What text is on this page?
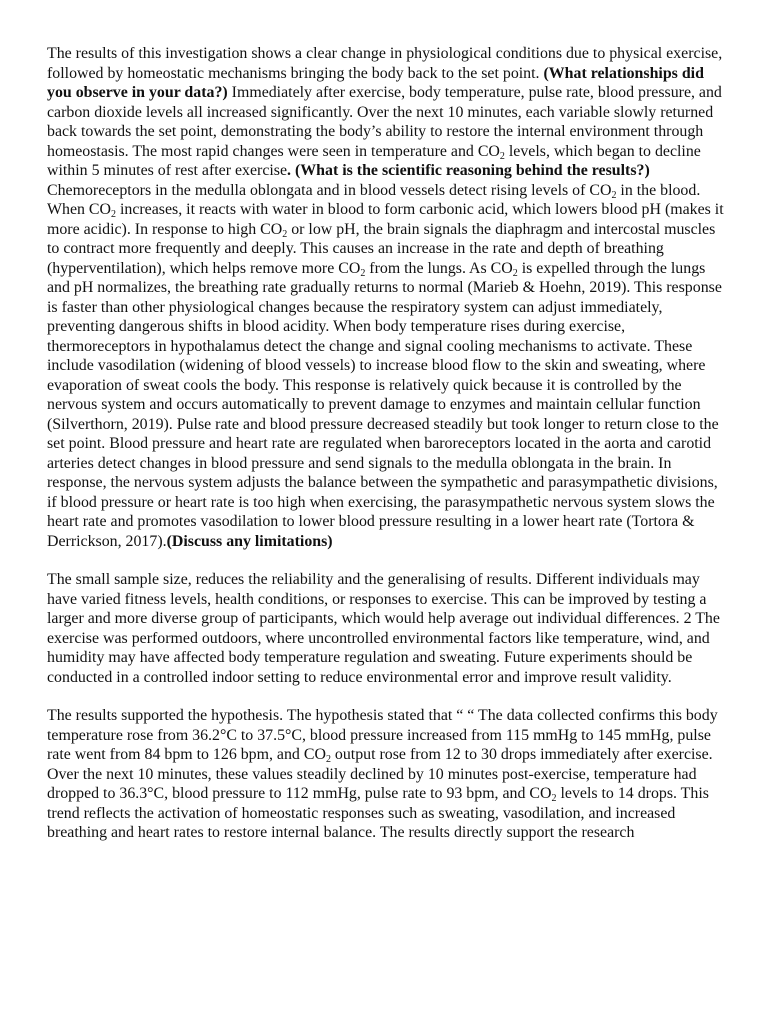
The results of this investigation shows a clear change in physiological conditions due to physical exercise, followed by homeostatic mechanisms bringing the body back to the set point. (What relationships did you observe in your data?) Immediately after exercise, body temperature, pulse rate, blood pressure, and carbon dioxide levels all increased significantly. Over the next 10 minutes, each variable slowly returned back towards the set point, demonstrating the body’s ability to restore the internal environment through homeostasis. The most rapid changes were seen in temperature and $CO_2$ levels, which began to decline within 5 minutes of rest after exercise. (What is the scientific reasoning behind the results?) Chemoreceptors in the medulla oblongata and in blood vessels detect rising levels of $CO_2$ in the blood. When $CO_2$ increases, it reacts with water in blood to form carbonic acid, which lowers blood pH (makes it more acidic). In response to high $CO_2$ or low pH, the brain signals the diaphragm and intercostal muscles to contract more frequently and deeply. This causes an increase in the rate and depth of breathing (hyperventilation), which helps remove more $CO_2$ from the lungs. As $CO_2$ is expelled through the lungs and pH normalizes, the breathing rate gradually returns to normal (Marieb & Hoehn, 2019). This response is faster than other physiological changes because the respiratory system can adjust immediately, preventing dangerous shifts in blood acidity. When body temperature rises during exercise, thermoreceptors in hypothalamus detect the change and signal cooling mechanisms to activate. These include vasodilation (widening of blood vessels) to increase blood flow to the skin and sweating, where evaporation of sweat cools the body. This response is relatively quick because it is controlled by the nervous system and occurs automatically to prevent damage to enzymes and maintain cellular function (Silverthorn, 2019). Pulse rate and blood pressure decreased steadily but took longer to return close to the set point. Blood pressure and heart rate are regulated when baroreceptors located in the aorta and carotid arteries detect changes in blood pressure and send signals to the medulla oblongata in the brain. In response, the nervous system adjusts the balance between the sympathetic and parasympathetic divisions, if blood pressure or heart rate is too high when exercising, the parasympathetic nervous system slows the heart rate and promotes vasodilation to lower blood pressure resulting in a lower heart rate (Tortora & Derrickson, 2017).(Discuss any limitations)

The small sample size, reduces the reliability and the generalising of results. Different individuals may have varied fitness levels, health conditions, or responses to exercise. This can be improved by testing a larger and more diverse group of participants, which would help average out individual differences. 2 The exercise was performed outdoors, where uncontrolled environmental factors like temperature, wind, and humidity may have affected body temperature regulation and sweating. Future experiments should be conducted in a controlled indoor setting to reduce environmental error and improve result validity.

The results supported the hypothesis. The hypothesis stated that “ “ The data collected confirms this body temperature rose from 36.2°C to 37.5°C, blood pressure increased from 115 mmHg to 145 mmHg, pulse rate went from 84 bpm to 126 bpm, and $CO_2$ output rose from 12 to 30 drops immediately after exercise. Over the next 10 minutes, these values steadily declined by 10 minutes post-exercise, temperature had dropped to 36.3°C, blood pressure to 112 mmHg, pulse rate to 93 bpm, and $CO_2$ levels to 14 drops. This trend reflects the activation of homeostatic responses such as sweating, vasodilation, and increased breathing and heart rates to restore internal balance. The results directly support the research
